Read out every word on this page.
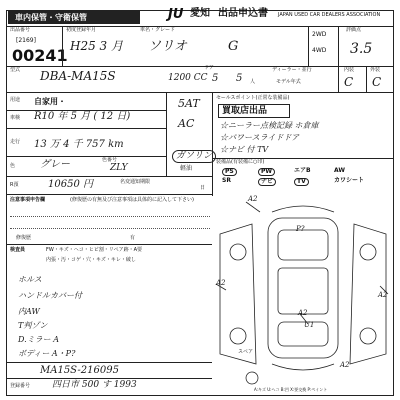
車内保管・守衛保管	JU 愛知 出品申込書 JAPAN USED CAR DEALERS ASSOCIATION
出品番号
[2169]
00241
初度登録年月	車名・グレード
H25 3 月 ソリオ	G
2WD
4WD
評価点
3.5
型式 DBA-MA15S	1200 CC
ドア
5 5 人
ディーラー・並行
モデル年式
内装	外装
C C
用途 自家用・
車検 R10 年 5 月 ( 12 日)
走行 13 万 4 千 757 km
色 グレー	色番号
ZLY
R預	10650 円	名変通知期限
日
5AT
AC
ガソリン
軽油
セールスポイント(正常な装備品)
買取店出品
☆ニーラー点検記録 ホ倉庫
☆パワースライドドア
☆ナビ 付 TV
装備品(有装備に○印)
PS	PW	エアB	AW
SR	ナビ	TV	カワシート
注意事項申告欄	(修復歴の有無及び注意事項は具体的に記入して下さい)
修復歴	有
検査員	FW・キズ・ヘコ・ヒビ割・リペア跡・A要
内張・汚・コゲ・穴・キズ・キレ・破し
ホルス
ハンドルカバー付
内AW
T判ゾン
D.ミラー A
ボディー A・P?
MA15S-216095
登録番号 四日市 500 す 1993
A2
P?
A2
A2
A2
U1
A2
スペア
A:キズ U:ヘコ B:凹 X:要交換 P:ペイント
